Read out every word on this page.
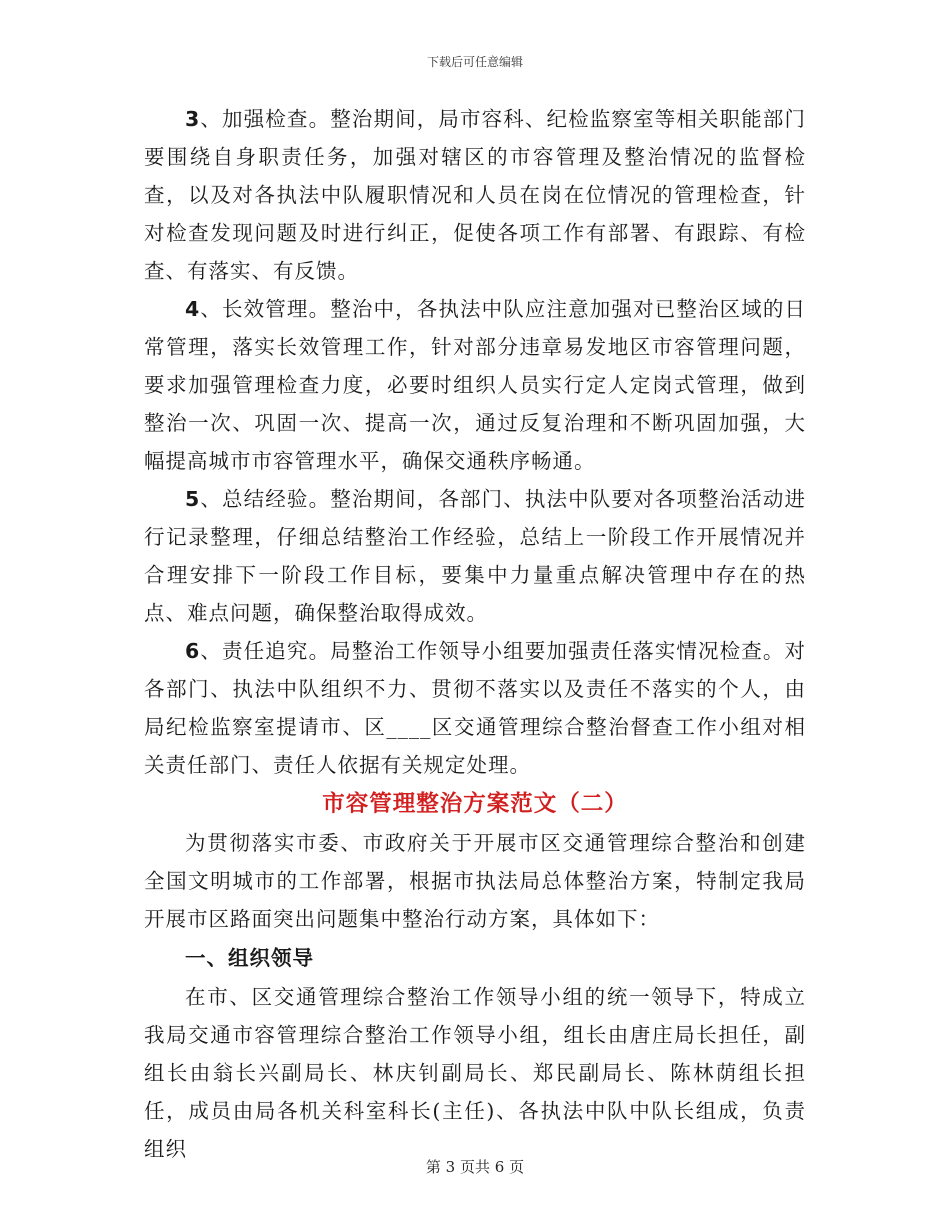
下载后可任意编辑

3、加强检查。整治期间，局市容科、纪检监察室等相关职能部门要围绕自身职责任务，加强对辖区的市容管理及整治情况的监督检查，以及对各执法中队履职情况和人员在岗在位情况的管理检查，针对检查发现问题及时进行纠正，促使各项工作有部署、有跟踪、有检查、有落实、有反馈。

4、长效管理。整治中，各执法中队应注意加强对已整治区域的日常管理，落实长效管理工作，针对部分违章易发地区市容管理问题，要求加强管理检查力度，必要时组织人员实行定人定岗式管理，做到整治一次、巩固一次、提高一次，通过反复治理和不断巩固加强，大幅提高城市市容管理水平，确保交通秩序畅通。

5、总结经验。整治期间，各部门、执法中队要对各项整治活动进行记录整理，仔细总结整治工作经验，总结上一阶段工作开展情况并合理安排下一阶段工作目标，要集中力量重点解决管理中存在的热点、难点问题，确保整治取得成效。

6、责任追究。局整治工作领导小组要加强责任落实情况检查。对各部门、执法中队组织不力、贯彻不落实以及责任不落实的个人，由局纪检监察室提请市、区____区交通管理综合整治督查工作小组对相关责任部门、责任人依据有关规定处理。

市容管理整治方案范文（二）

为贯彻落实市委、市政府关于开展市区交通管理综合整治和创建全国文明城市的工作部署，根据市执法局总体整治方案，特制定我局开展市区路面突出问题集中整治行动方案，具体如下：

一、组织领导

在市、区交通管理综合整治工作领导小组的统一领导下，特成立我局交通市容管理综合整治工作领导小组，组长由唐庄局长担任，副组长由翁长兴副局长、林庆钊副局长、郑民副局长、陈林荫组长担任，成员由局各机关科室科长(主任)、各执法中队中队长组成，负责组织

第 3 页共 6 页
